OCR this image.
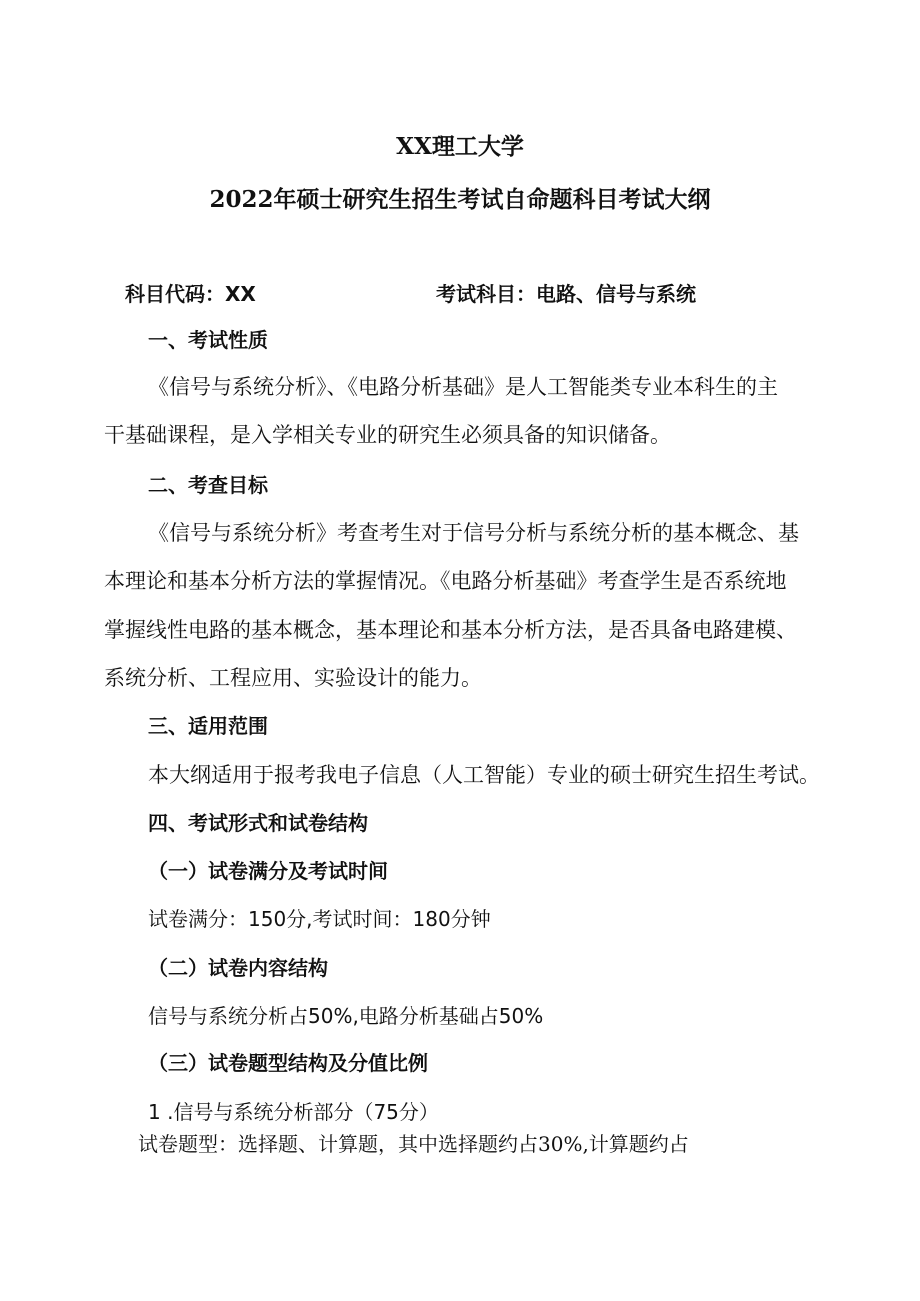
XX理工大学
2022年硕士研究生招生考试自命题科目考试大纲
科目代码：XX	考试科目：电路、信号与系统
一、考试性质
《信号与系统分析》、《电路分析基础》是人工智能类专业本科生的主
干基础课程，是入学相关专业的研究生必须具备的知识储备。
二、考查目标
《信号与系统分析》考查考生对于信号分析与系统分析的基本概念、基
本理论和基本分析方法的掌握情况。《电路分析基础》考查学生是否系统地
掌握线性电路的基本概念，基本理论和基本分析方法，是否具备电路建模、
系统分析、工程应用、实验设计的能力。
三、适用范围
本大纲适用于报考我电子信息（人工智能）专业的硕士研究生招生考试。
四、考试形式和试卷结构
（一）试卷满分及考试时间
试卷满分：150分,考试时间：180分钟
（二）试卷内容结构
信号与系统分析占50%,电路分析基础占50%
（三）试卷题型结构及分值比例
1 .信号与系统分析部分（75分）
试卷题型：选择题、计算题，其中选择题约占30%,计算题约占
